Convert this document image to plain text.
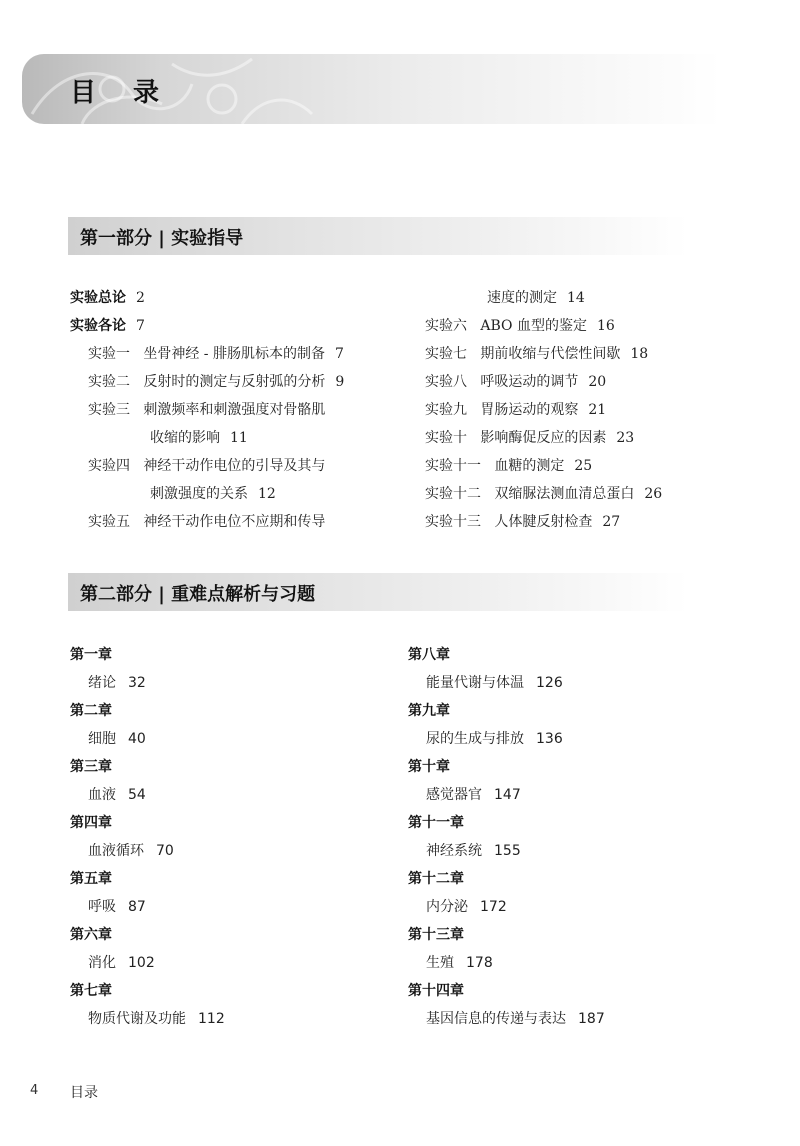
目 录
第一部分 | 实验指导
实验总论 2
实验各论 7
实验一 坐骨神经 - 腓肠肌标本的制备 7
实验二 反射时的测定与反射弧的分析 9
实验三 刺激频率和刺激强度对骨骼肌
收缩的影响 11
实验四 神经干动作电位的引导及其与
刺激强度的关系 12
实验五 神经干动作电位不应期和传导
速度的测定 14
实验六 ABO 血型的鉴定 16
实验七 期前收缩与代偿性间歇 18
实验八 呼吸运动的调节 20
实验九 胃肠运动的观察 21
实验十 影响酶促反应的因素 23
实验十一 血糖的测定 25
实验十二 双缩脲法测血清总蛋白 26
实验十三 人体腱反射检查 27
第二部分 | 重难点解析与习题
第一章
绪论 32
第二章
细胞 40
第三章
血液 54
第四章
血液循环 70
第五章
呼吸 87
第六章
消化 102
第七章
物质代谢及功能 112
第八章
能量代谢与体温 126
第九章
尿的生成与排放 136
第十章
感觉器官 147
第十一章
神经系统 155
第十二章
内分泌 172
第十三章
生殖 178
第十四章
基因信息的传递与表达 187
4 目录
